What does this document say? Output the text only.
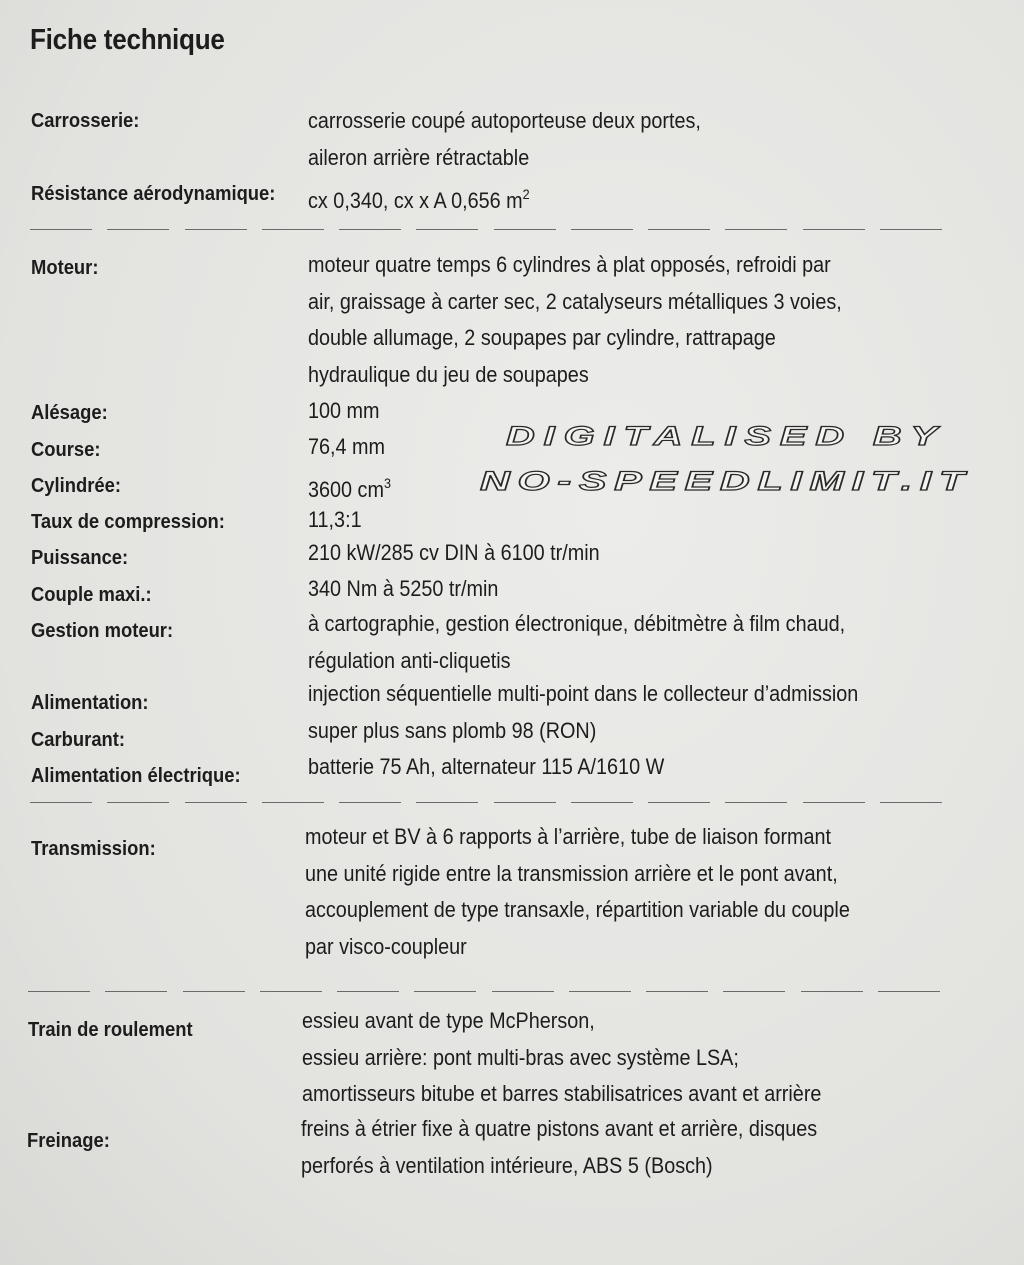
Fiche technique
Carrosserie:	carrosserie coupé autoporteuse deux portes,
aileron arrière rétractable
Résistance aérodynamique: cx 0,340, cx x A 0,656 $m^2$
Moteur:	moteur quatre temps 6 cylindres à plat opposés, refroidi par
air, graissage à carter sec, 2 catalyseurs métalliques 3 voies,
double allumage, 2 soupapes par cylindre, rattrapage
hydraulique du jeu de soupapes
Alésage:	100 mm
Course:	76,4 mm
Cylindrée:	3600 $cm^3$
Taux de compression:	11,3:1
Puissance:	210 kW/285 cv DIN à 6100 tr/min
Couple maxi.:	340 Nm à 5250 tr/min
Gestion moteur:	à cartographie, gestion électronique, débitmètre à film chaud,
régulation anti-cliquetis
Alimentation:	injection séquentielle multi-point dans le collecteur d’admission
Carburant:	super plus sans plomb 98 (RON)
Alimentation électrique:	batterie 75 Ah, alternateur 115 A/1610 W
Transmission:	moteur et BV à 6 rapports à l’arrière, tube de liaison formant
une unité rigide entre la transmission arrière et le pont avant,
accouplement de type transaxle, répartition variable du couple
par visco-coupleur
Train de roulement	essieu avant de type McPherson,
essieu arrière: pont multi-bras avec système LSA;
amortisseurs bitube et barres stabilisatrices avant et arrière
Freinage:	freins à étrier fixe à quatre pistons avant et arrière, disques
perforés à ventilation intérieure, ABS 5 (Bosch)
DIGITALISED BY
NO-SPEEDLIMIT.IT
